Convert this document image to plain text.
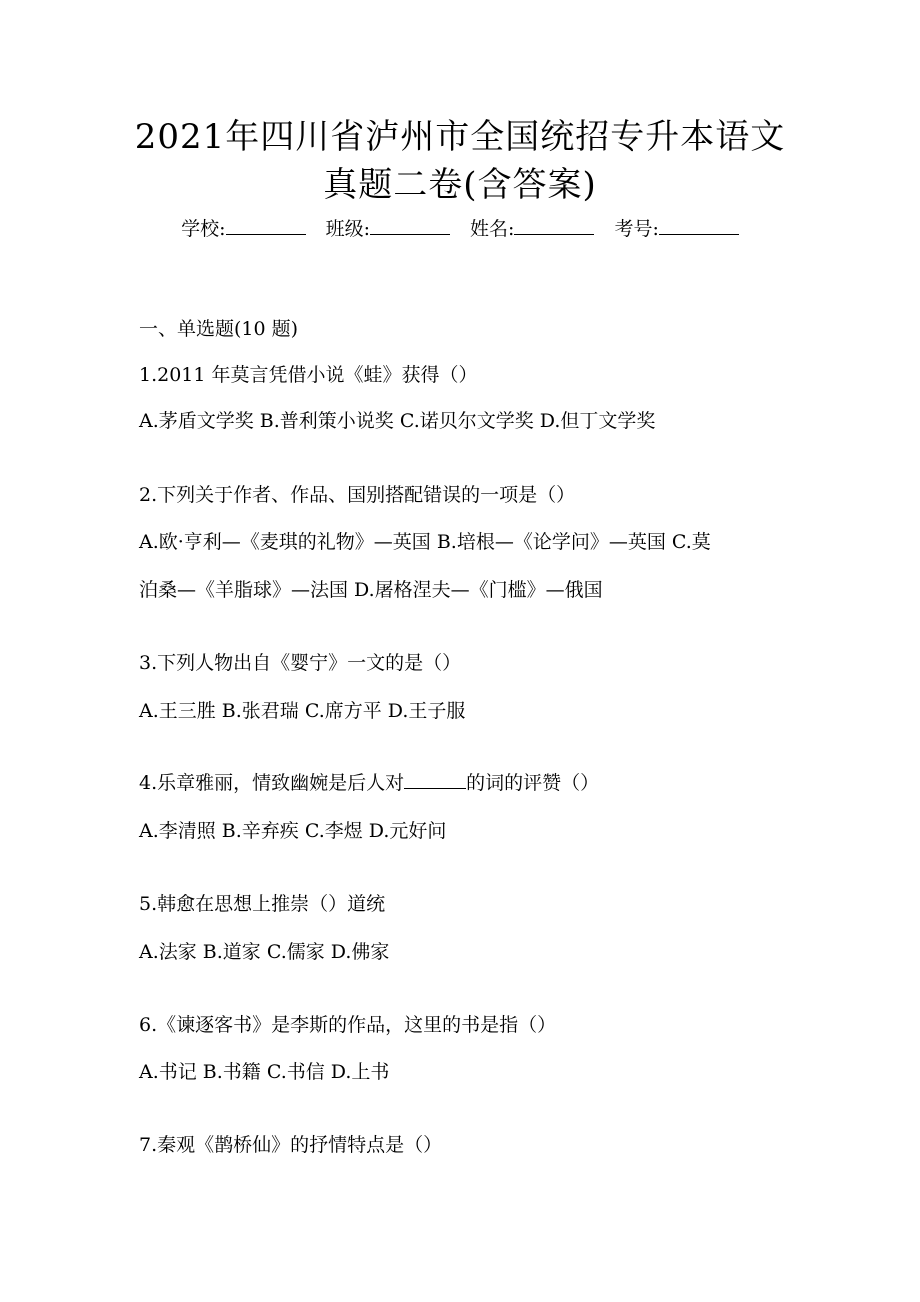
2021年四川省泸州市全国统招专升本语文
真题二卷(含答案)
学校:	班级:	姓名:	考号:
一、单选题(10 题)
1.2011 年莫言凭借小说《蛙》获得（）
A.茅盾文学奖 B.普利策小说奖 C.诺贝尔文学奖 D.但丁文学奖
2.下列关于作者、作品、国别搭配错误的一项是（）
A.欧·亨利—《麦琪的礼物》—英国 B.培根—《论学问》—英国 C.莫
泊桑—《羊脂球》—法国 D.屠格涅夫—《门槛》—俄国
3.下列人物出自《婴宁》一文的是（）
A.王三胜 B.张君瑞 C.席方平 D.王子服
4.乐章雅丽，情致幽婉是后人对	的词的评赞（）
A.李清照 B.辛弃疾 C.李煜 D.元好问
5.韩愈在思想上推崇（）道统
A.法家 B.道家 C.儒家 D.佛家
6.《谏逐客书》是李斯的作品，这里的书是指（）
A.书记 B.书籍 C.书信 D.上书
7.秦观《鹊桥仙》的抒情特点是（）
